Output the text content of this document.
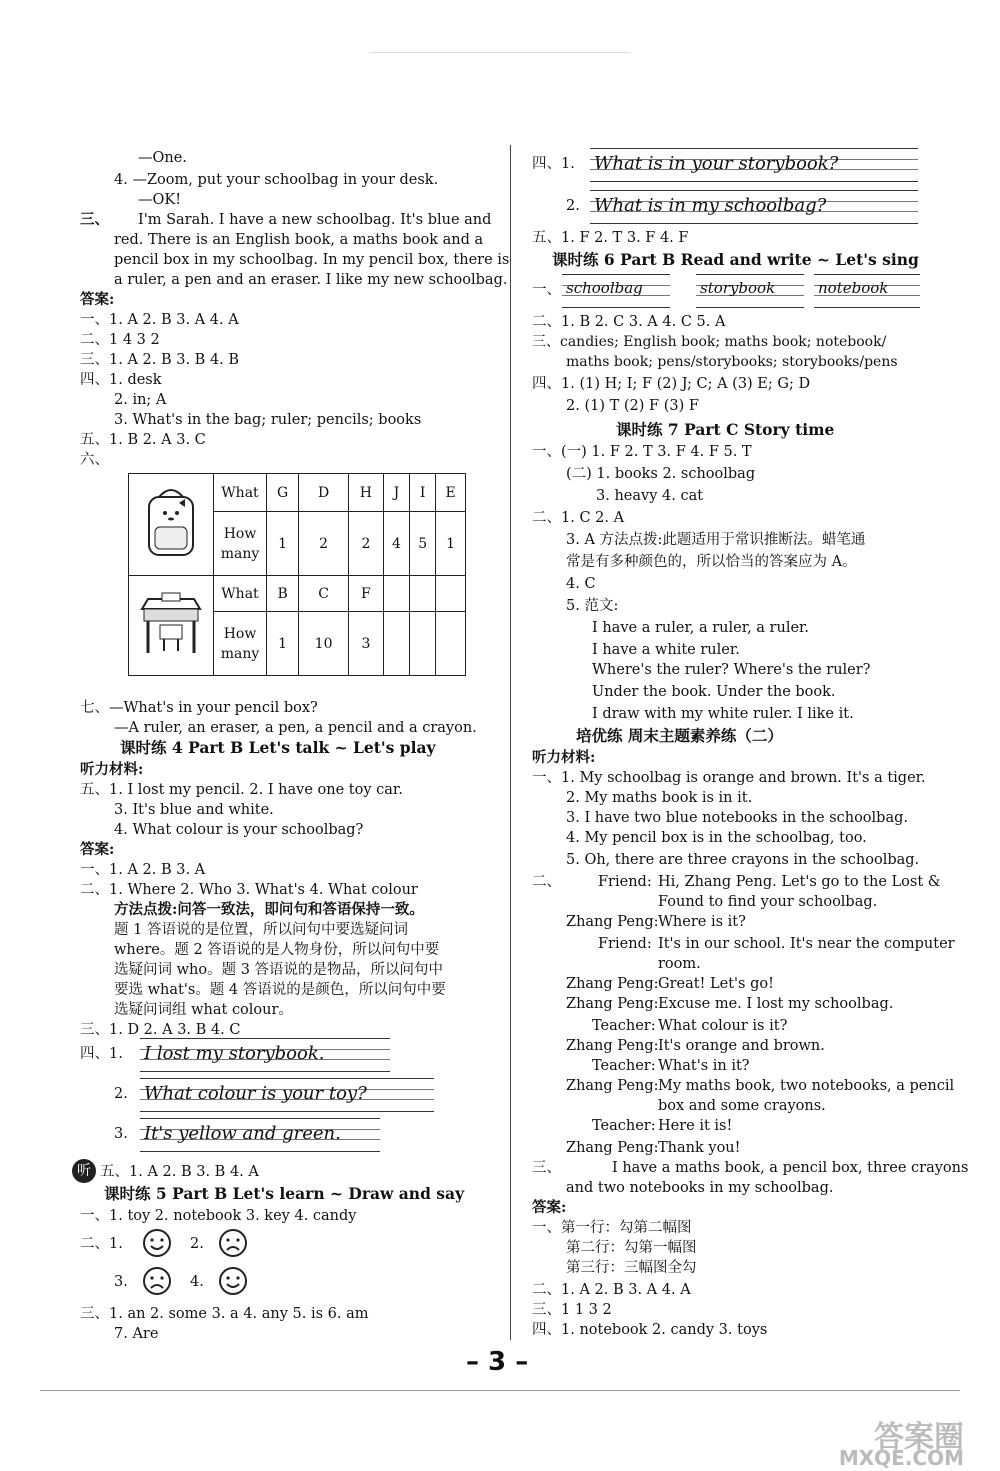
—One.
4. —Zoom, put your schoolbag in your desk.
—OK!
三、 I'm Sarah. I have a new schoolbag. It's blue and
red. There is an English book, a maths book and a
pencil box in my schoolbag. In my pencil box, there is
a ruler, a pen and an eraser. I like my new schoolbag.
答案:
一、1. A 2. B 3. A 4. A
二、1 4 3 2
三、1. A 2. B 3. B 4. B
四、1. desk
2. in; A
3. What's in the bag; ruler; pencils; books
五、1. B 2. A 3. C
六、
	What	G	D	H	J	I	E
	How many	1	2	2	4	5	1
	What	B	C	F			
	How many	1	10	3			
七、—What's in your pencil box?
—A ruler, an eraser, a pen, a pencil and a crayon.
课时练 4 Part B Let's talk ~ Let's play
听力材料:
五、1. I lost my pencil. 2. I have one toy car.
3. It's blue and white.
4. What colour is your schoolbag?
答案:
一、1. A 2. B 3. A
二、1. Where 2. Who 3. What's 4. What colour
方法点拨:问答一致法，即问句和答语保持一致。
题 1 答语说的是位置，所以问句中要选疑问词
where。题 2 答语说的是人物身份，所以问句中要
选疑问词 who。题 3 答语说的是物品，所以问句中
要选 what's。题 4 答语说的是颜色，所以问句中要
选疑问词组 what colour。
三、1. D 2. A 3. B 4. C
四、1. I lost my storybook.
2. What colour is your toy?
3. It's yellow and green.
听 五、1. A 2. B 3. B 4. A
课时练 5 Part B Let's learn ~ Draw and say
一、1. toy 2. notebook 3. key 4. candy
二、1.	2.
3.	4.
三、1. an 2. some 3. a 4. any 5. is 6. am
7. Are
四、1. What is in your storybook?
2. What is in my schoolbag?
五、1. F 2. T 3. F 4. F
课时练 6 Part B Read and write ~ Let's sing
一、 schoolbag	storybook	notebook
二、1. B 2. C 3. A 4. C 5. A
三、candies; English book; maths book; notebook/
maths book; pens/storybooks; storybooks/pens
四、1. (1) H; I; F (2) J; C; A (3) E; G; D
2. (1) T (2) F (3) F
课时练 7 Part C Story time
一、(一) 1. F 2. T 3. F 4. F 5. T
(二) 1. books 2. schoolbag
3. heavy 4. cat
二、1. C 2. A
3. A 方法点拨:此题适用于常识推断法。蜡笔通
常是有多种颜色的，所以恰当的答案应为 A。
4. C
5. 范文:
I have a ruler, a ruler, a ruler.
I have a white ruler.
Where's the ruler? Where's the ruler?
Under the book. Under the book.
I draw with my white ruler. I like it.
培优练 周末主题素养练（二）
听力材料:
一、1. My schoolbag is orange and brown. It's a tiger.
2. My maths book is in it.
3. I have two blue notebooks in the schoolbag.
4. My pencil box is in the schoolbag, too.
5. Oh, there are three crayons in the schoolbag.
二、	Friend: Hi, Zhang Peng. Let's go to the Lost &
Found to find your schoolbag.
Zhang Peng: Where is it?
Friend: It's in our school. It's near the computer
room.
Zhang Peng: Great! Let's go!
Zhang Peng: Excuse me. I lost my schoolbag.
Teacher: What colour is it?
Zhang Peng: It's orange and brown.
Teacher: What's in it?
Zhang Peng: My maths book, two notebooks, a pencil
box and some crayons.
Teacher: Here it is!
Zhang Peng: Thank you!
三、	I have a maths book, a pencil box, three crayons
and two notebooks in my schoolbag.
答案:
一、第一行：勾第二幅图
第二行：勾第一幅图
第三行：三幅图全勾
二、1. A 2. B 3. A 4. A
三、1 1 3 2
四、1. notebook 2. candy 3. toys
– 3 –
答案圈
MXQE.COM
